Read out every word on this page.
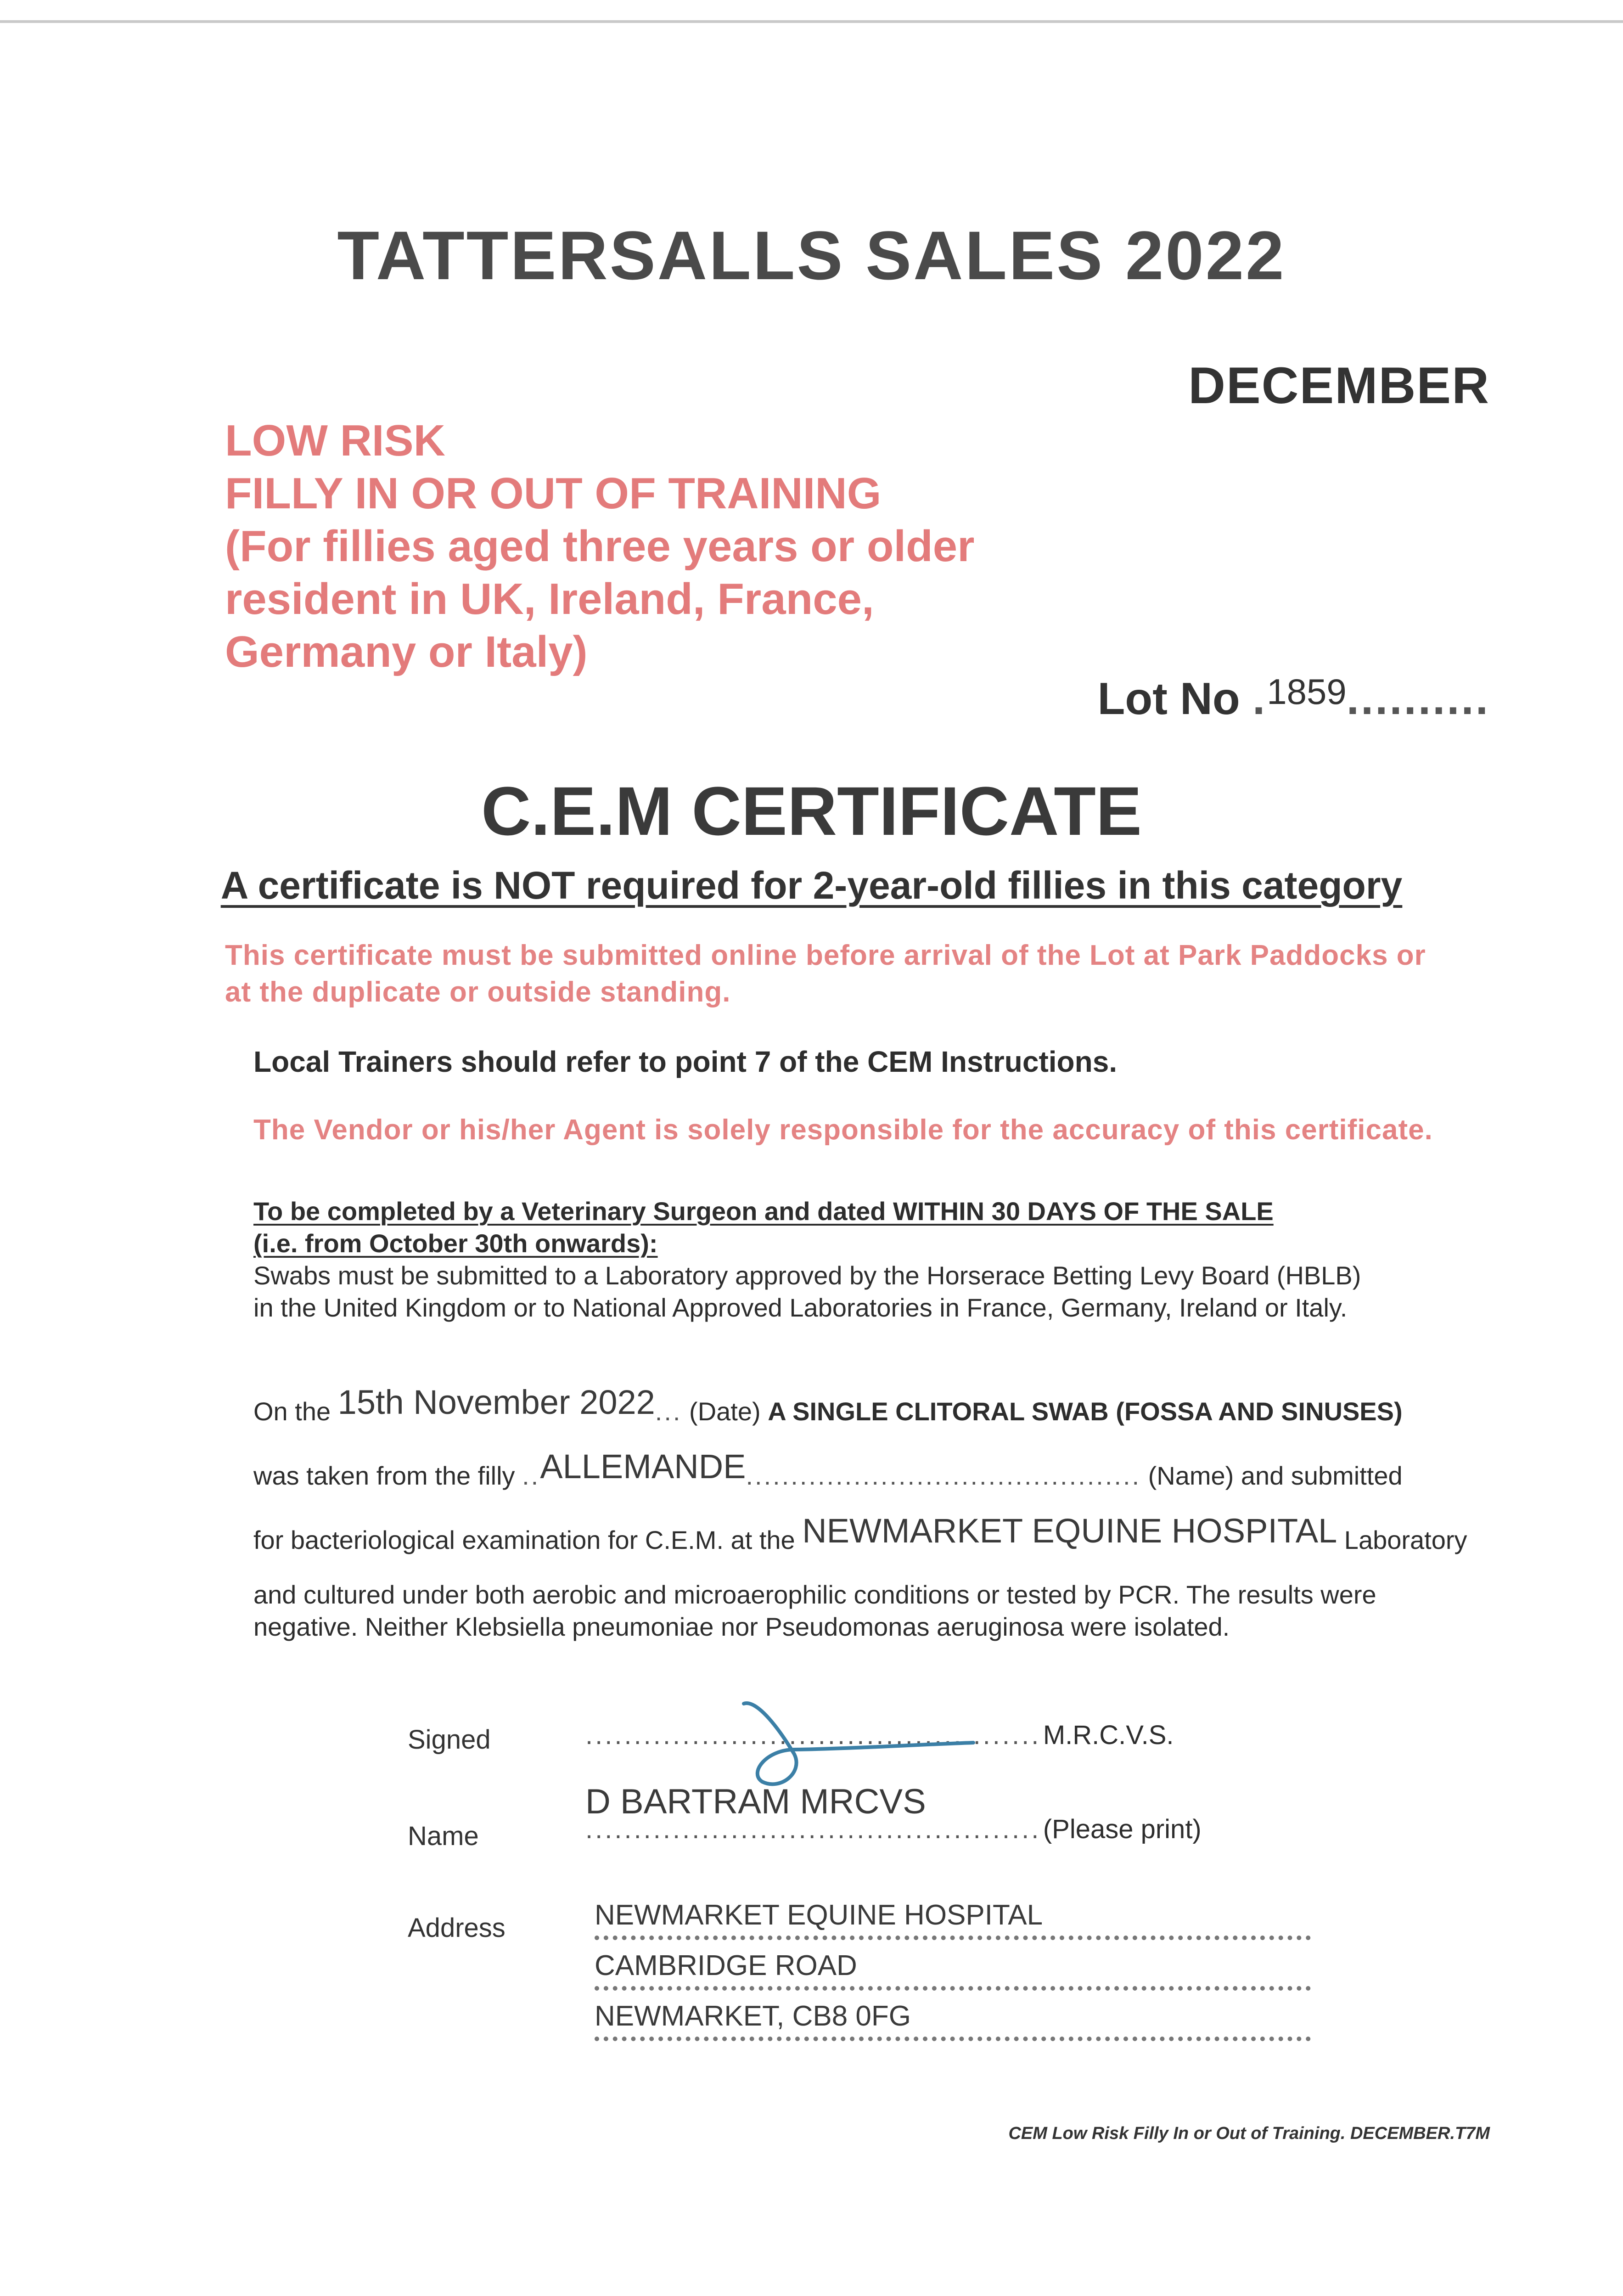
TATTERSALLS SALES 2022
DECEMBER
LOW RISK
FILLY IN OR OUT OF TRAINING
(For fillies aged three years or older
resident in UK, Ireland, France,
Germany or Italy)
Lot No .$^{1859}$..........
C.E.M CERTIFICATE
A certificate is NOT required for 2-year-old fillies in this category
This certificate must be submitted online before arrival of the Lot at Park Paddocks or
at the duplicate or outside standing.
Local Trainers should refer to point 7 of the CEM Instructions.
The Vendor or his/her Agent is solely responsible for the accuracy of this certificate.
To be completed by a Veterinary Surgeon and dated WITHIN 30 DAYS OF THE SALE
(i.e. from October 30th onwards):
Swabs must be submitted to a Laboratory approved by the Horserace Betting Levy Board (HBLB)
in the United Kingdom or to National Approved Laboratories in France, Germany, Ireland or Italy.
On the 15th November 2022... (Date) A SINGLE CLITORAL SWAB (FOSSA AND SINUSES)
was taken from the filly ..ALLEMANDE............................................ (Name) and submitted
for bacteriological examination for C.E.M. at the NEWMARKET EQUINE HOSPITAL Laboratory
and cultured under both aerobic and microaerophilic conditions or tested by PCR. The results were
negative. Neither Klebsiella pneumoniae nor Pseudomonas aeruginosa were isolated.
Signed	............................................... M.R.C.V.S.
Name
D BARTRAM MRCVS
............................................... (Please print)
Address	NEWMARKET EQUINE HOSPITAL
CAMBRIDGE ROAD
NEWMARKET, CB8 0FG
CEM Low Risk Filly In or Out of Training. DECEMBER.T7M
